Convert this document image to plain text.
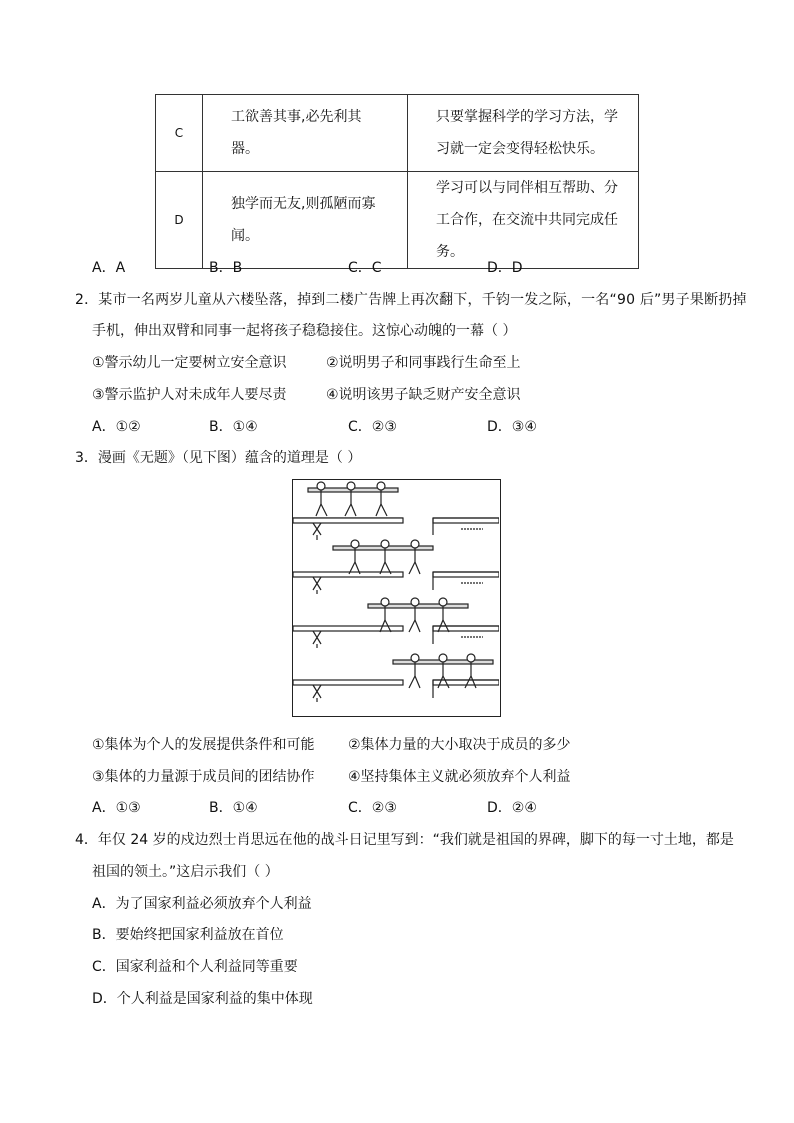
C	工欲善其事,必先利其器。	只要掌握科学的学习方法，学习就一定会变得轻松快乐。
D	独学而无友,则孤陋而寡闻。	学习可以与同伴相互帮助、分工合作，在交流中共同完成任务。
A．A	B．B	C．C	D．D
2．某市一名两岁儿童从六楼坠落，掉到二楼广告牌上再次翻下，千钧一发之际，一名“90 后”男子果断扔掉
手机，伸出双臂和同事一起将孩子稳稳接住。这惊心动魄的一幕（ ）
①警示幼儿一定要树立安全意识	②说明男子和同事践行生命至上
③警示监护人对未成年人要尽责	④说明该男子缺乏财产安全意识
A．①②	B．①④	C．②③	D．③④
3．漫画《无题》（见下图）蕴含的道理是（ ）
①集体为个人的发展提供条件和可能 ②集体力量的大小取决于成员的多少
③集体的力量源于成员间的团结协作 ④坚持集体主义就必须放弃个人利益
A．①③	B．①④	C．②③	D．②④
4．年仅 24 岁的戍边烈士肖思远在他的战斗日记里写到：“我们就是祖国的界碑，脚下的每一寸土地，都是
祖国的领土。”这启示我们（ ）
A．为了国家利益必须放弃个人利益
B．要始终把国家利益放在首位
C．国家利益和个人利益同等重要
D．个人利益是国家利益的集中体现
